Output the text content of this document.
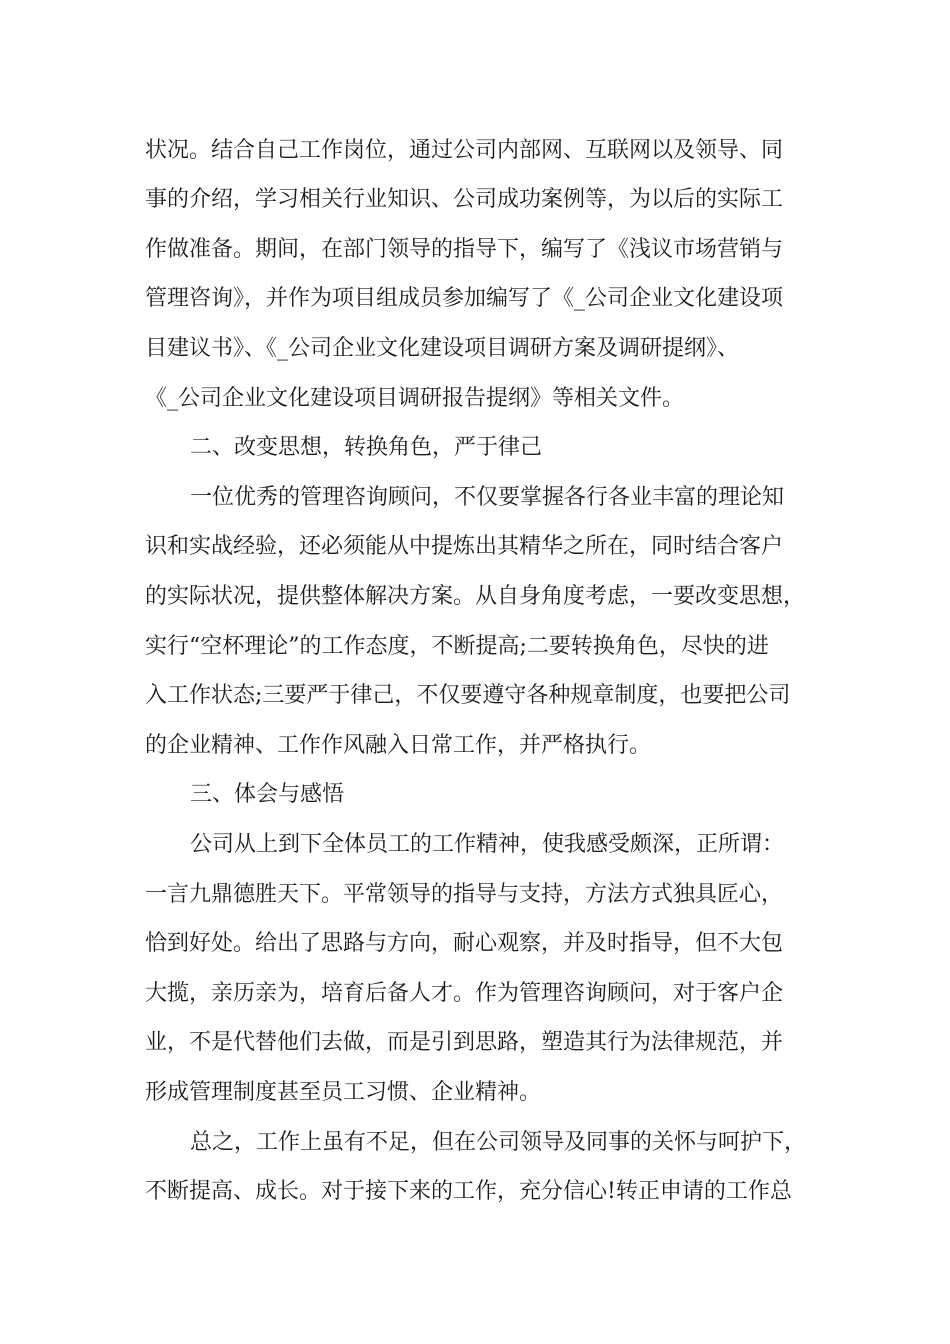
状况。结合自己工作岗位，通过公司内部网、互联网以及领导、同
事的介绍，学习相关行业知识、公司成功案例等，为以后的实际工
作做准备。期间，在部门领导的指导下，编写了《浅议市场营销与
管理咨询》，并作为项目组成员参加编写了《_公司企业文化建设项
目建议书》、《_公司企业文化建设项目调研方案及调研提纲》、
《_公司企业文化建设项目调研报告提纲》等相关文件。
二、改变思想，转换角色，严于律己
一位优秀的管理咨询顾问，不仅要掌握各行各业丰富的理论知
识和实战经验，还必须能从中提炼出其精华之所在，同时结合客户
的实际状况，提供整体解决方案。从自身角度考虑，一要改变思想，
实行“空杯理论”的工作态度，不断提高;二要转换角色，尽快的进
入工作状态;三要严于律己，不仅要遵守各种规章制度，也要把公司
的企业精神、工作作风融入日常工作，并严格执行。
三、体会与感悟
公司从上到下全体员工的工作精神，使我感受颇深，正所谓：
一言九鼎德胜天下。平常领导的指导与支持，方法方式独具匠心，
恰到好处。给出了思路与方向，耐心观察，并及时指导，但不大包
大揽，亲历亲为，培育后备人才。作为管理咨询顾问，对于客户企
业，不是代替他们去做，而是引到思路，塑造其行为法律规范，并
形成管理制度甚至员工习惯、企业精神。
总之，工作上虽有不足，但在公司领导及同事的关怀与呵护下，
不断提高、成长。对于接下来的工作，充分信心!转正申请的工作总
